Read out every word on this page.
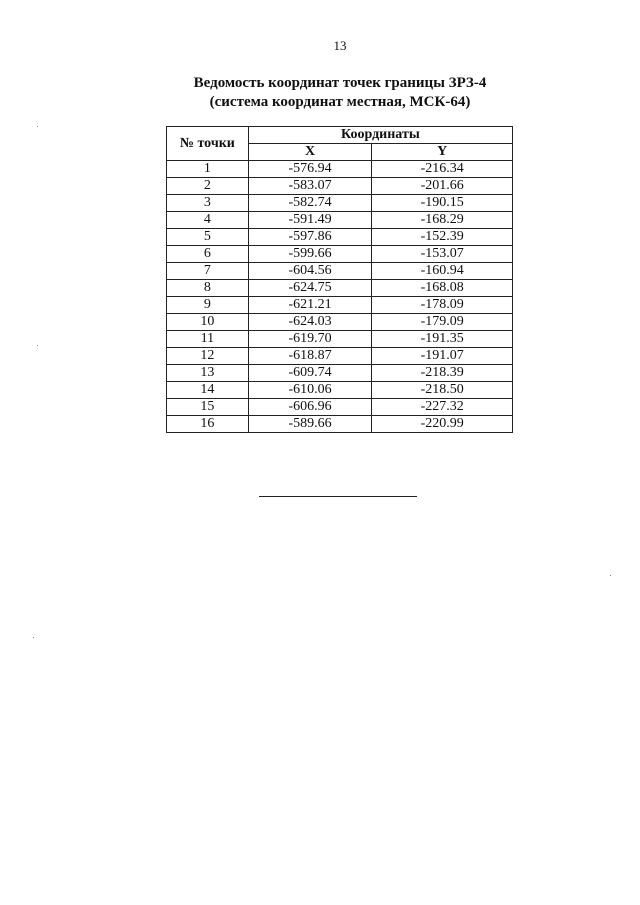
13
Ведомость координат точек границы ЗРЗ-4
(система координат местная, МСК-64)
№ точки	Координаты	
	X	Y
1	-576.94	-216.34
2	-583.07	-201.66
3	-582.74	-190.15
4	-591.49	-168.29
5	-597.86	-152.39
6	-599.66	-153.07
7	-604.56	-160.94
8	-624.75	-168.08
9	-621.21	-178.09
10	-624.03	-179.09
11	-619.70	-191.35
12	-618.87	-191.07
13	-609.74	-218.39
14	-610.06	-218.50
15	-606.96	-227.32
16	-589.66	-220.99
